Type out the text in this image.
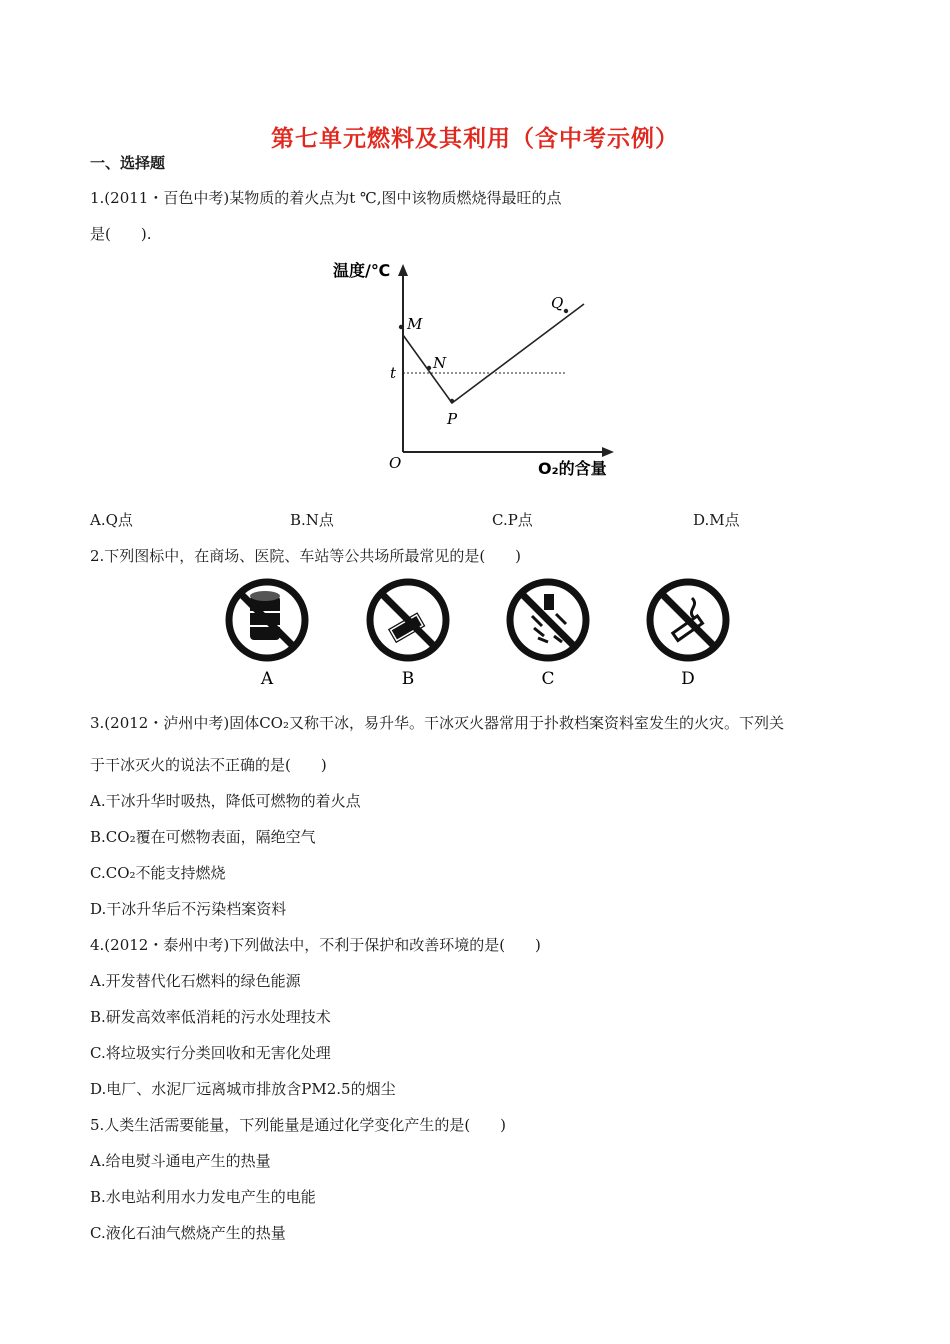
第七单元燃料及其利用（含中考示例）
一、选择题
1.(2011・百色中考)某物质的着火点为t ℃,图中该物质燃烧得最旺的点
是(　　).
温度/℃
O₂的含量
O
t
M
N
P
Q
A.Q点	B.N点	C.P点	D.M点
2.下列图标中，在商场、医院、车站等公共场所最常见的是(　　)
A	B	C	D
3.(2012・泸州中考)固体CO₂又称干冰，易升华。干冰灭火器常用于扑救档案资料室发生的火灾。下列关
于干冰灭火的说法不正确的是(　　)
A.干冰升华时吸热，降低可燃物的着火点
B.CO₂覆在可燃物表面，隔绝空气
C.CO₂不能支持燃烧
D.干冰升华后不污染档案资料
4.(2012・泰州中考)下列做法中，不利于保护和改善环境的是(　　)
A.开发替代化石燃料的绿色能源
B.研发高效率低消耗的污水处理技术
C.将垃圾实行分类回收和无害化处理
D.电厂、水泥厂远离城市排放含PM2.5的烟尘
5.人类生活需要能量，下列能量是通过化学变化产生的是(　　)
A.给电熨斗通电产生的热量
B.水电站利用水力发电产生的电能
C.液化石油气燃烧产生的热量
